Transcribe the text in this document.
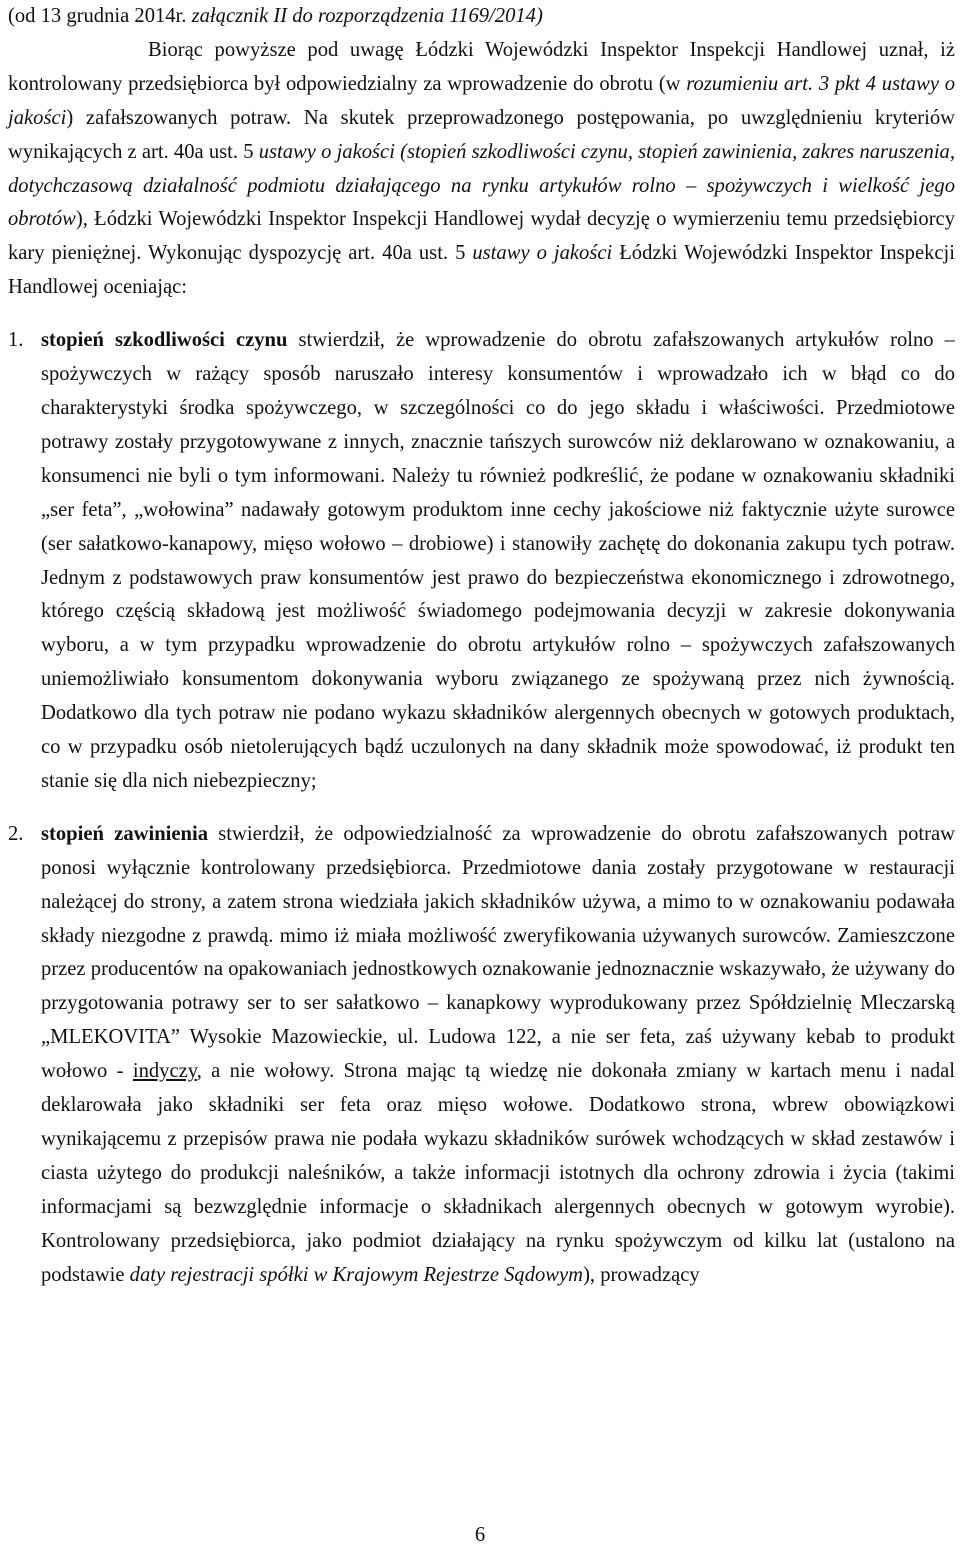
(od 13 grudnia 2014r. załącznik II do rozporządzenia 1169/2014)

Biorąc powyższe pod uwagę Łódzki Wojewódzki Inspektor Inspekcji Handlowej uznał, iż kontrolowany przedsiębiorca był odpowiedzialny za wprowadzenie do obrotu (w rozumieniu art. 3 pkt 4 ustawy o jakości) zafałszowanych potraw. Na skutek przeprowadzonego postępowania, po uwzględnieniu kryteriów wynikających z art. 40a ust. 5 ustawy o jakości (stopień szkodliwości czynu, stopień zawinienia, zakres naruszenia, dotychczasową działalność podmiotu działającego na rynku artykułów rolno – spożywczych i wielkość jego obrotów), Łódzki Wojewódzki Inspektor Inspekcji Handlowej wydał decyzję o wymierzeniu temu przedsiębiorcy kary pieniężnej. Wykonując dyspozycję art. 40a ust. 5 ustawy o jakości Łódzki Wojewódzki Inspektor Inspekcji Handlowej oceniając:

1. stopień szkodliwości czynu stwierdził, że wprowadzenie do obrotu zafałszowanych artykułów rolno – spożywczych w rażący sposób naruszało interesy konsumentów i wprowadzało ich w błąd co do charakterystyki środka spożywczego, w szczególności co do jego składu i właściwości. Przedmiotowe potrawy zostały przygotowywane z innych, znacznie tańszych surowców niż deklarowano w oznakowaniu, a konsumenci nie byli o tym informowani. Należy tu również podkreślić, że podane w oznakowaniu składniki „ser feta”, „wołowina” nadawały gotowym produktom inne cechy jakościowe niż faktycznie użyte surowce (ser sałatkowo-kanapowy, mięso wołowo – drobiowe) i stanowiły zachętę do dokonania zakupu tych potraw. Jednym z podstawowych praw konsumentów jest prawo do bezpieczeństwa ekonomicznego i zdrowotnego, którego częścią składową jest możliwość świadomego podejmowania decyzji w zakresie dokonywania wyboru, a w tym przypadku wprowadzenie do obrotu artykułów rolno – spożywczych zafałszowanych uniemożliwiało konsumentom dokonywania wyboru związanego ze spożywaną przez nich żywnością. Dodatkowo dla tych potraw nie podano wykazu składników alergennych obecnych w gotowych produktach, co w przypadku osób nietolerujących bądź uczulonych na dany składnik może spowodować, iż produkt ten stanie się dla nich niebezpieczny;

2. stopień zawinienia stwierdził, że odpowiedzialność za wprowadzenie do obrotu zafałszowanych potraw ponosi wyłącznie kontrolowany przedsiębiorca. Przedmiotowe dania zostały przygotowane w restauracji należącej do strony, a zatem strona wiedziała jakich składników używa, a mimo to w oznakowaniu podawała składy niezgodne z prawdą. mimo iż miała możliwość zweryfikowania używanych surowców. Zamieszczone przez producentów na opakowaniach jednostkowych oznakowanie jednoznacznie wskazywało, że używany do przygotowania potrawy ser to ser sałatkowo – kanapkowy wyprodukowany przez Spółdzielnię Mleczarską „MLEKOVITA” Wysokie Mazowieckie, ul. Ludowa 122, a nie ser feta, zaś używany kebab to produkt wołowo - indyczy, a nie wołowy. Strona mając tą wiedzę nie dokonała zmiany w kartach menu i nadal deklarowała jako składniki ser feta oraz mięso wołowe. Dodatkowo strona, wbrew obowiązkowi wynikającemu z przepisów prawa nie podała wykazu składników surówek wchodzących w skład zestawów i ciasta użytego do produkcji naleśników, a także informacji istotnych dla ochrony zdrowia i życia (takimi informacjami są bezwzględnie informacje o składnikach alergennych obecnych w gotowym wyrobie). Kontrolowany przedsiębiorca, jako podmiot działający na rynku spożywczym od kilku lat (ustalono na podstawie daty rejestracji spółki w Krajowym Rejestrze Sądowym), prowadzący

6
